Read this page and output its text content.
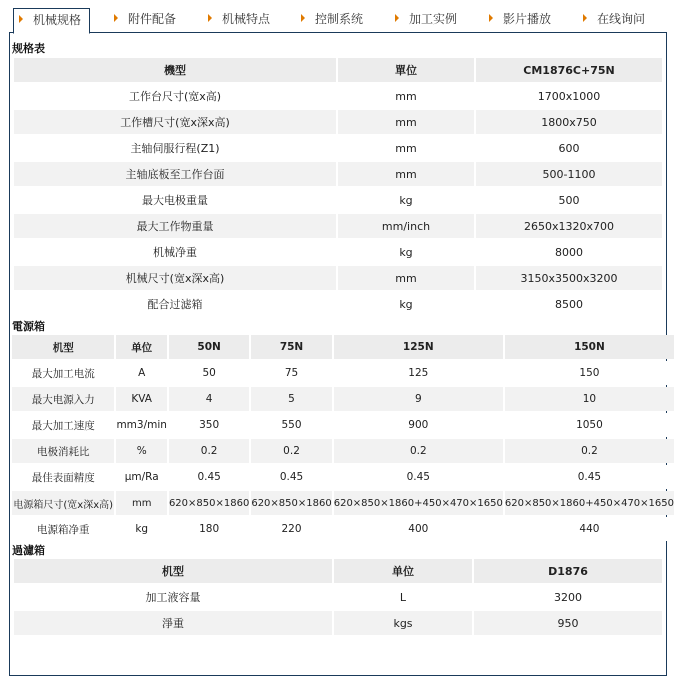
机械规格	附件配备	机械特点	控制系统	加工实例	影片播放	在线询问
规格表
機型	單位	CM1876C+75N
工作台尺寸(宽x高)	mm	1700x1000
工作槽尺寸(宽x深x高)	mm	1800x750
主轴伺服行程(Z1)	mm	600
主轴底板至工作台面	mm	500-1100
最大电极重量	kg	500
最大工作物重量	mm/inch	2650x1320x700
机械净重	kg	8000
机械尺寸(宽x深x高)	mm	3150x3500x3200
配合过滤箱	kg	8500
電源箱
机型	单位	50N	75N	125N	150N
最大加工电流	A	50	75	125	150
最大电源入力	KVA	4	5	9	10
最大加工速度	mm3/min	350	550	900	1050
电极消耗比	%	0.2	0.2	0.2	0.2
最佳表面精度	μm/Ra	0.45	0.45	0.45	0.45
电源箱尺寸(宽x深x高)	mm	620×850×1860	620×850×1860	620×850×1860+450×470×1650	620×850×1860+450×470×1650
电源箱净重	kg	180	220	400	440
過濾箱
机型	单位	D1876
加工液容量	L	3200
淨重	kgs	950
